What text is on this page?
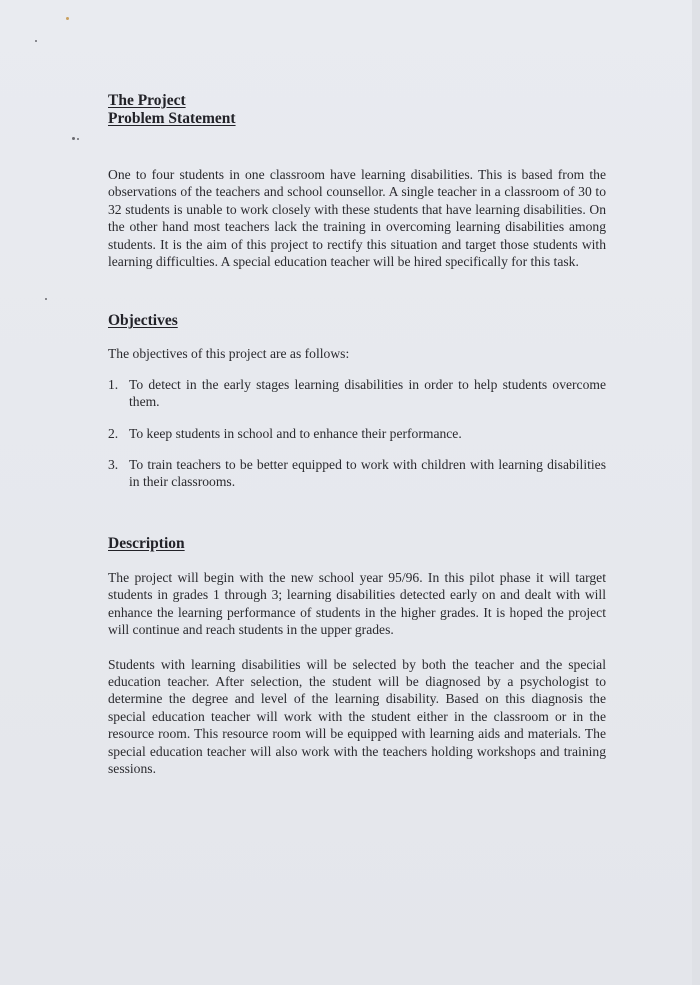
The Project
Problem Statement

One to four students in one classroom have learning disabilities. This is based from the observations of the teachers and school counsellor. A single teacher in a classroom of 30 to 32 students is unable to work closely with these students that have learning disabilities. On the other hand most teachers lack the training in overcoming learning disabilities among students. It is the aim of this project to rectify this situation and target those students with learning difficulties. A special education teacher will be hired specifically for this task.

Objectives

The objectives of this project are as follows:

1. To detect in the early stages learning disabilities in order to help students overcome them.
2. To keep students in school and to enhance their performance.
3. To train teachers to be better equipped to work with children with learning disabilities in their classrooms.
Description

The project will begin with the new school year 95/96. In this pilot phase it will target students in grades 1 through 3; learning disabilities detected early on and dealt with will enhance the learning performance of students in the higher grades. It is hoped the project will continue and reach students in the upper grades.

Students with learning disabilities will be selected by both the teacher and the special education teacher. After selection, the student will be diagnosed by a psychologist to determine the degree and level of the learning disability. Based on this diagnosis the special education teacher will work with the student either in the classroom or in the resource room. This resource room will be equipped with learning aids and materials. The special education teacher will also work with the teachers holding workshops and training sessions.
